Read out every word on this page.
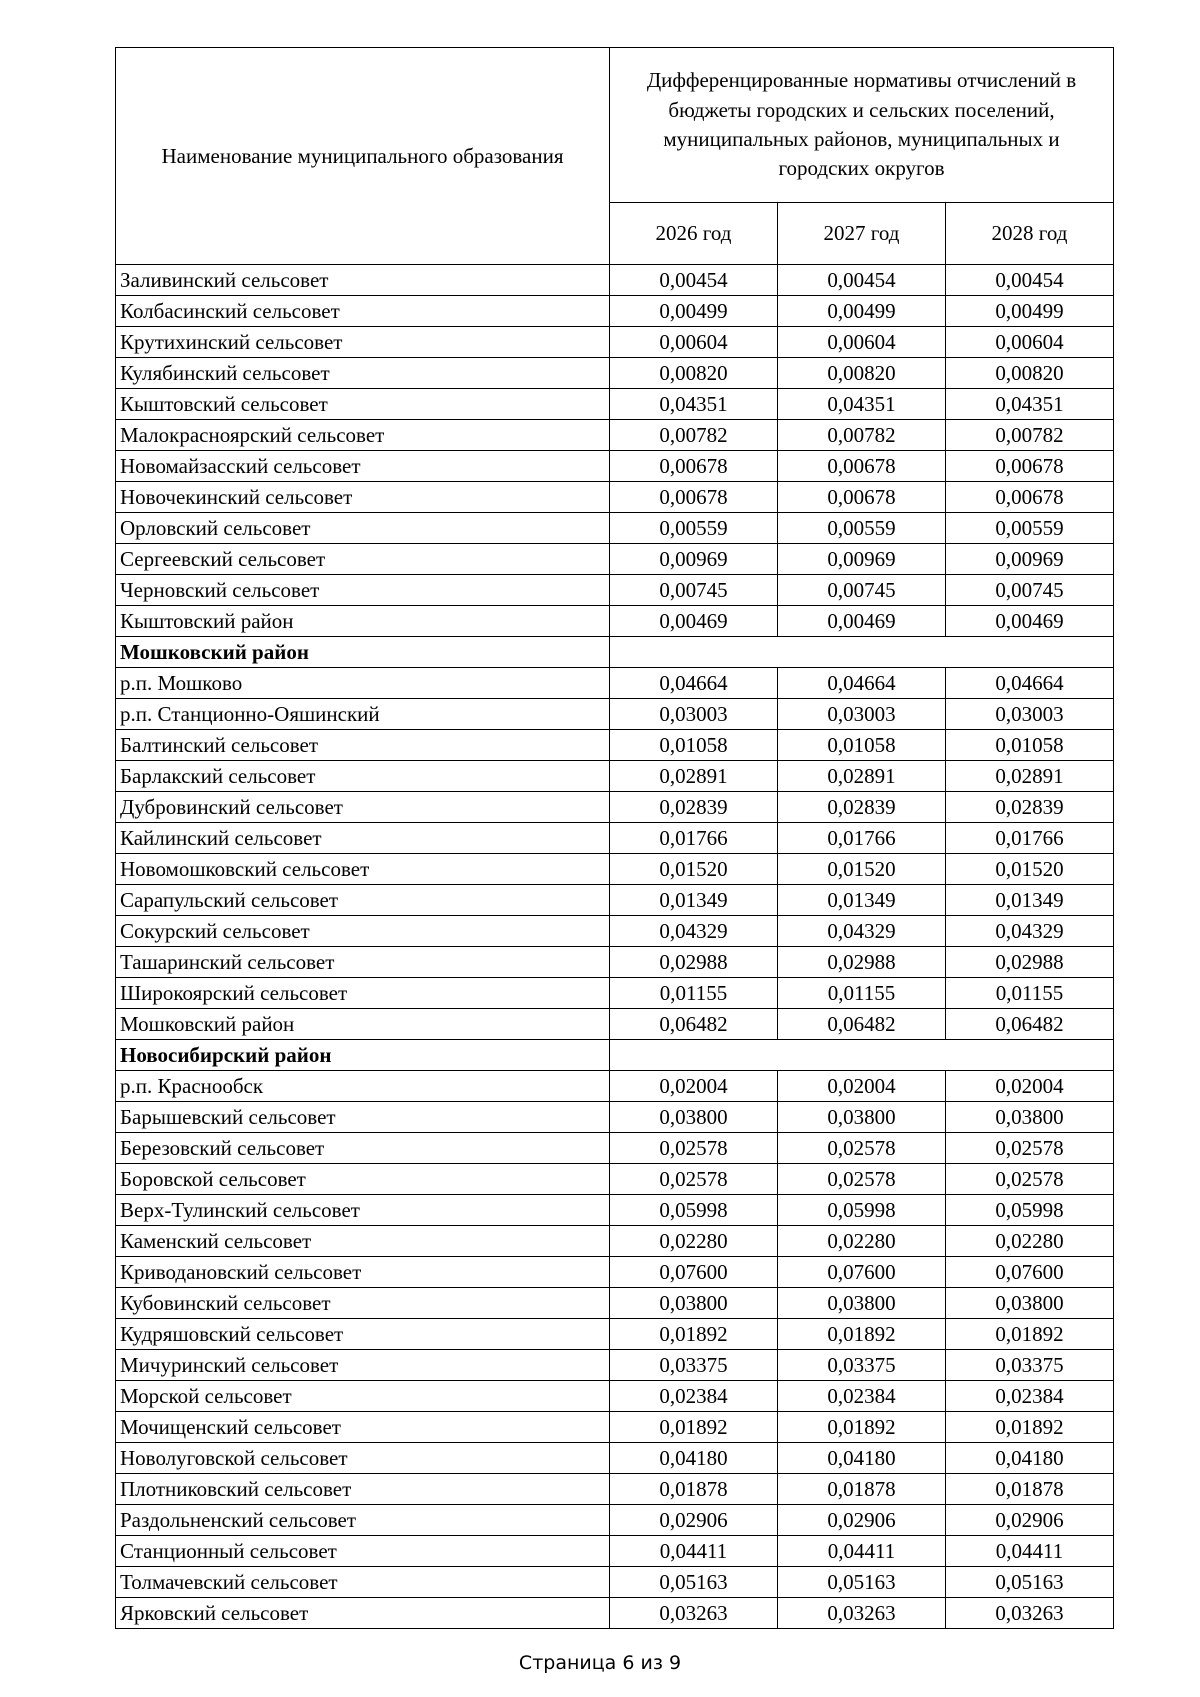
Наименование муниципального образования	Дифференцированные нормативы отчислений в бюджеты городских и сельских поселений, муниципальных районов, муниципальных и городских округов		
	2026 год	2027 год	2028 год
Заливинский сельсовет	0,00454	0,00454	0,00454
Колбасинский сельсовет	0,00499	0,00499	0,00499
Крутихинский сельсовет	0,00604	0,00604	0,00604
Кулябинский сельсовет	0,00820	0,00820	0,00820
Кыштовский сельсовет	0,04351	0,04351	0,04351
Малокрасноярский сельсовет	0,00782	0,00782	0,00782
Новомайзасский сельсовет	0,00678	0,00678	0,00678
Новочекинский сельсовет	0,00678	0,00678	0,00678
Орловский сельсовет	0,00559	0,00559	0,00559
Сергеевский сельсовет	0,00969	0,00969	0,00969
Черновский сельсовет	0,00745	0,00745	0,00745
Кыштовский район	0,00469	0,00469	0,00469
Мошковский район			
р.п. Мошково	0,04664	0,04664	0,04664
р.п. Станционно-Ояшинский	0,03003	0,03003	0,03003
Балтинский сельсовет	0,01058	0,01058	0,01058
Барлакский сельсовет	0,02891	0,02891	0,02891
Дубровинский сельсовет	0,02839	0,02839	0,02839
Кайлинский сельсовет	0,01766	0,01766	0,01766
Новомошковский сельсовет	0,01520	0,01520	0,01520
Сарапульский сельсовет	0,01349	0,01349	0,01349
Сокурский сельсовет	0,04329	0,04329	0,04329
Ташаринский сельсовет	0,02988	0,02988	0,02988
Широкоярский сельсовет	0,01155	0,01155	0,01155
Мошковский район	0,06482	0,06482	0,06482
Новосибирский район			
р.п. Краснообск	0,02004	0,02004	0,02004
Барышевский сельсовет	0,03800	0,03800	0,03800
Березовский сельсовет	0,02578	0,02578	0,02578
Боровской сельсовет	0,02578	0,02578	0,02578
Верх-Тулинский сельсовет	0,05998	0,05998	0,05998
Каменский сельсовет	0,02280	0,02280	0,02280
Криводановский сельсовет	0,07600	0,07600	0,07600
Кубовинский сельсовет	0,03800	0,03800	0,03800
Кудряшовский сельсовет	0,01892	0,01892	0,01892
Мичуринский сельсовет	0,03375	0,03375	0,03375
Морской сельсовет	0,02384	0,02384	0,02384
Мочищенский сельсовет	0,01892	0,01892	0,01892
Новолуговской сельсовет	0,04180	0,04180	0,04180
Плотниковский сельсовет	0,01878	0,01878	0,01878
Раздольненский сельсовет	0,02906	0,02906	0,02906
Станционный сельсовет	0,04411	0,04411	0,04411
Толмачевский сельсовет	0,05163	0,05163	0,05163
Ярковский сельсовет	0,03263	0,03263	0,03263
Страница 6 из 9
